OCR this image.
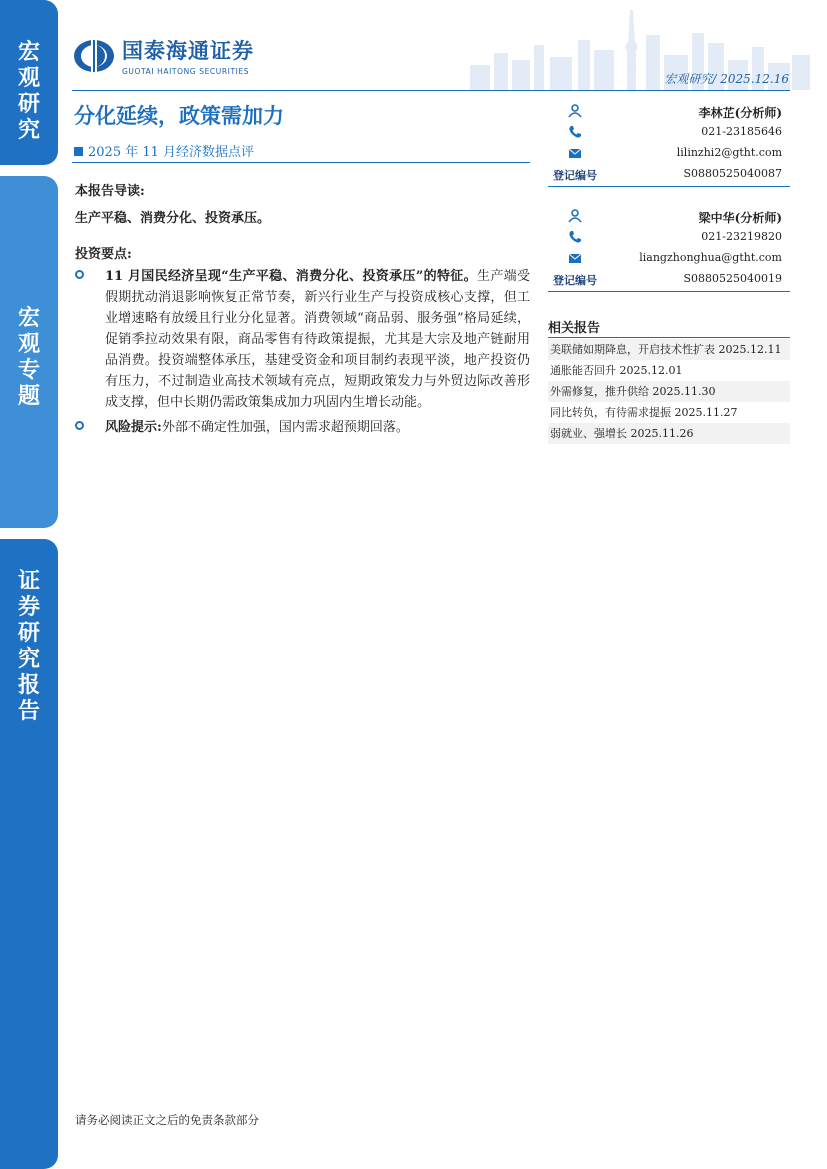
宏
观
研
究
宏
观
专
题
证
券
研
究
报
告
国泰海通证券
GUOTAI HAITONG SECURITIES
宏观研究/ 2025.12.16
分化延续，政策需加力
2025 年 11 月经济数据点评
本报告导读:
生产平稳、消费分化、投资承压。
投资要点:
11 月国民经济呈现“生产平稳、消费分化、投资承压”的特征。生产端受假期扰动消退影响恢复正常节奏，新兴行业生产与投资成核心支撑，但工业增速略有放缓且行业分化显著。消费领域“商品弱、服务强”格局延续，促销季拉动效果有限，商品零售有待政策提振，尤其是大宗及地产链耐用品消费。投资端整体承压，基建受资金和项目制约表现平淡，地产投资仍有压力，不过制造业高技术领域有亮点，短期政策发力与外贸边际改善形成支撑，但中长期仍需政策集成加力巩固内生增长动能。
风险提示:外部不确定性加强，国内需求超预期回落。
李林芷(分析师)
021-23185646
lilinzhi2@gtht.com
登记编号	S0880525040087
梁中华(分析师)
021-23219820
liangzhonghua@gtht.com
登记编号	S0880525040019
相关报告
美联储如期降息，开启技术性扩表 2025.12.11
通胀能否回升 2025.12.01
外需修复，推升供给 2025.11.30
同比转负，有待需求提振 2025.11.27
弱就业、强增长 2025.11.26
请务必阅读正文之后的免责条款部分
